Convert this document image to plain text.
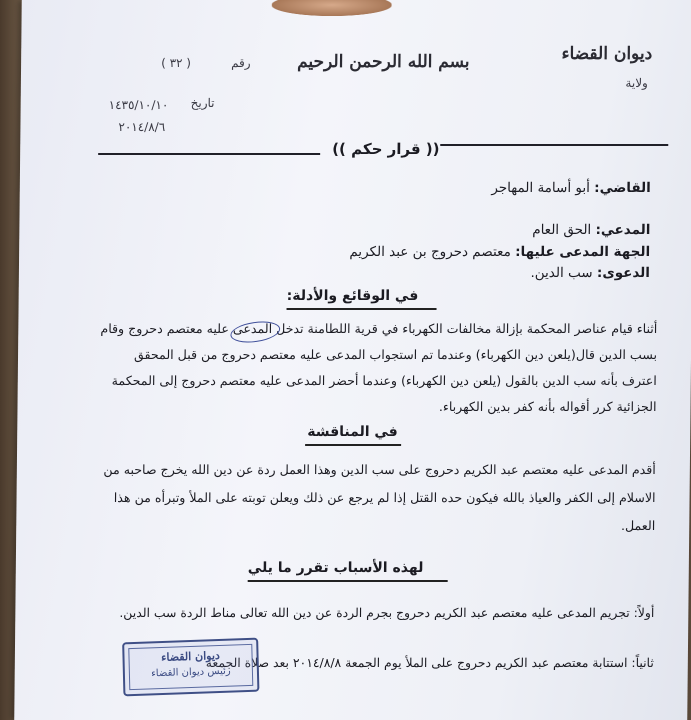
ديوان القضاء
ولاية
بسم الله الرحمن الرحيم
رقم
( ٣٢ )
تاريخ
١٤٣٥/١٠/١٠
٢٠١٤/٨/٦
(( قرار حكم ))
القاضي: أبو أسامة المهاجر
المدعي: الحق العام
الجهة المدعى عليها: معتصم دحروج بن عبد الكريم
الدعوى: سب الدين.
في الوقائع والأدلة:
أثناء قيام عناصر المحكمة بإزالة مخالفات الكهرباء في قرية اللطامنة تدخل المدعى عليه معتصم دحروج وقام بسب الدين قال(يلعن دين الكهرباء) وعندما تم استجواب المدعى عليه معتصم دحروج من قبل المحقق اعترف بأنه سب الدين بالقول (يلعن دين الكهرباء) وعندما أحضر المدعى عليه معتصم دحروج إلى المحكمة الجزائية كرر أقواله بأنه كفر بدين الكهرباء.
في المناقشة
أقدم المدعى عليه معتصم عبد الكريم دحروج على سب الدين وهذا العمل ردة عن دين الله يخرج صاحبه من الاسلام إلى الكفر والعياذ بالله فيكون حده القتل إذا لم يرجع عن ذلك ويعلن توبته على الملأ وتبرأه من هذا العمل.
لهذه الأسباب تقرر ما يلي
أولاً: تجريم المدعى عليه معتصم عبد الكريم دحروج بجرم الردة عن دين الله تعالى مناط الردة سب الدين.
ثانياً: استتابة معتصم عبد الكريم دحروج على الملأ يوم الجمعة ٢٠١٤/٨/٨ بعد صلاة الجمعة
ديوان القضاء
رئيس ديوان القضاء
